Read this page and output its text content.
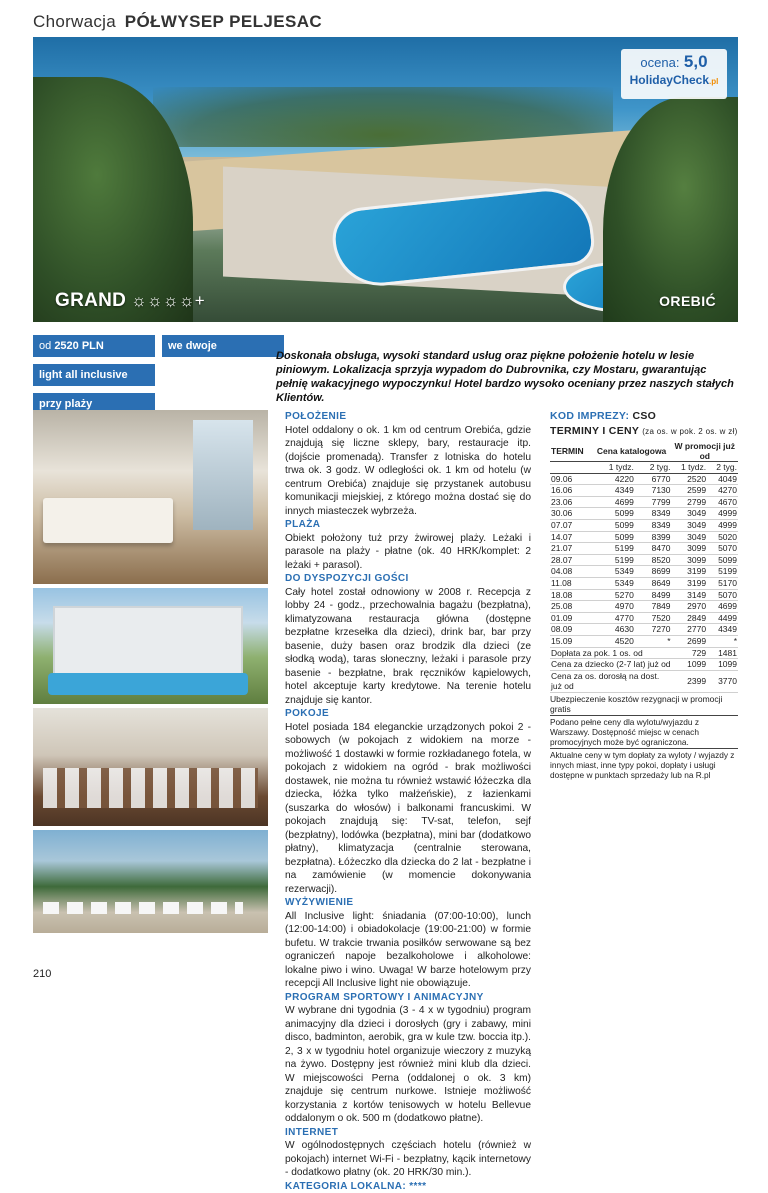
Chorwacja PÓŁWYSEP PELJESAC
ocena: 5,0
HolidayCheck.pl
GRAND ☼☼☼☼+	OREBIĆ
od 2520 PLN
light all inclusive
przy plaży
we dwoje
Doskonała obsługa, wysoki standard usług oraz piękne położenie hotelu w lesie piniowym. Lokalizacja sprzyja wypadom do Dubrovnika, czy Mostaru, gwarantując pełnię wakacyjnego wypoczynku! Hotel bardzo wysoko oceniany przez naszych stałych Klientów.
POŁOŻENIE

Hotel oddalony o ok. 1 km od centrum Orebića, gdzie znajdują się liczne sklepy, bary, restauracje itp. (dojście promenadą). Transfer z lotniska do hotelu trwa ok. 3 godz. W odległości ok. 1 km od hotelu (w centrum Orebića) znajduje się przystanek autobusu komunikacji miejskiej, z którego można dostać się do innych miasteczek wybrzeża.

PLAŻA

Obiekt położony tuż przy żwirowej plaży. Leżaki i parasole na plaży - płatne (ok. 40 HRK/komplet: 2 leżaki + parasol).

DO DYSPOZYCJI GOŚCI

Cały hotel został odnowiony w 2008 r. Recepcja z lobby 24 - godz., przechowalnia bagażu (bezpłatna), klimatyzowana restauracja główna (dostępne bezpłatne krzesełka dla dzieci), drink bar, bar przy basenie, duży basen oraz brodzik dla dzieci (ze słodką wodą), taras słoneczny, leżaki i parasole przy basenie - bezpłatne, brak ręczników kąpielowych, hotel akceptuje karty kredytowe. Na terenie hotelu znajduje się kantor.

POKOJE

Hotel posiada 184 eleganckie urządzonych pokoi 2 -sobowych (w pokojach z widokiem na morze - możliwość 1 dostawki w formie rozkładanego fotela, w pokojach z widokiem na ogród - brak możliwości dostawek, nie można tu również wstawić łóżeczka dla dziecka, łóżka tylko małżeńskie), z łazienkami (suszarka do włosów) i balkonami francuskimi. W pokojach znajdują się: TV-sat, telefon, sejf (bezpłatny), lodówka (bezpłatna), mini bar (dodatkowo płatny), klimatyzacja (centralnie sterowana, bezpłatna). Łóżeczko dla dziecka do 2 lat - bezpłatne i na zamówienie (w momencie dokonywania rezerwacji).

WYŻYWIENIE

All Inclusive light: śniadania (07:00-10:00), lunch (12:00-14:00) i obiadokolacje (19:00-21:00) w formie bufetu. W trakcie trwania posiłków serwowane są bez ograniczeń napoje bezalkoholowe i alkoholowe: lokalne piwo i wino. Uwaga! W barze hotelowym przy recepcji All Inclusive light nie obowiązuje.

PROGRAM SPORTOWY I ANIMACYJNY

W wybrane dni tygodnia (3 - 4 x w tygodniu) program animacyjny dla dzieci i dorosłych (gry i zabawy, mini disco, badminton, aerobik, gra w kule tzw. boccia itp.). 2, 3 x w tygodniu hotel organizuje wieczory z muzyką na żywo. Dostępny jest również mini klub dla dzieci. W miejscowości Perna (oddalonej o ok. 3 km) znajduje się centrum nurkowe. Istnieje możliwość korzystania z kortów tenisowych w hotelu Bellevue oddalonym o ok. 500 m (dodatkowo płatne).

INTERNET

W ogólnodostępnych częściach hotelu (również w pokojach) internet Wi-Fi - bezpłatny, kącik internetowy - dodatkowo płatny (ok. 20 HRK/30 min.).

KATEGORIA LOKALNA: ****
KOD IMPREZY: CSO
TERMINY I CENY (za os. w pok. 2 os. w zł)
TERMIN	Cena katalogowa		W promocji już od	
	1 tydz.	2 tyg.	1 tydz.	2 tyg.
09.06	4220	6770	2520	4049
16.06	4349	7130	2599	4270
23.06	4699	7799	2799	4670
30.06	5099	8349	3049	4999
07.07	5099	8349	3049	4999
14.07	5099	8399	3049	5020
21.07	5199	8470	3099	5070
28.07	5199	8520	3099	5099
04.08	5349	8699	3199	5199
11.08	5349	8649	3199	5170
18.08	5270	8499	3149	5070
25.08	4970	7849	2970	4699
01.09	4770	7520	2849	4499
08.09	4630	7270	2770	4349
15.09	4520	*	2699	*
Dopłata za pok. 1 os. od			729	1481
Cena za dziecko (2-7 lat) już od			1099	1099
Cena za os. dorosłą na dost. już od			2399	3770
Ubezpieczenie kosztów rezygnacji w promocji gratis
Podano pełne ceny dla wylotu/wyjazdu z Warszawy. Dostępność miejsc w cenach promocyjnych może być ograniczona.
Aktualne ceny w tym dopłaty za wyloty / wyjazdy z innych miast, inne typy pokoi, dopłaty i usługi dostępne w punktach sprzedaży lub na R.pl
210
